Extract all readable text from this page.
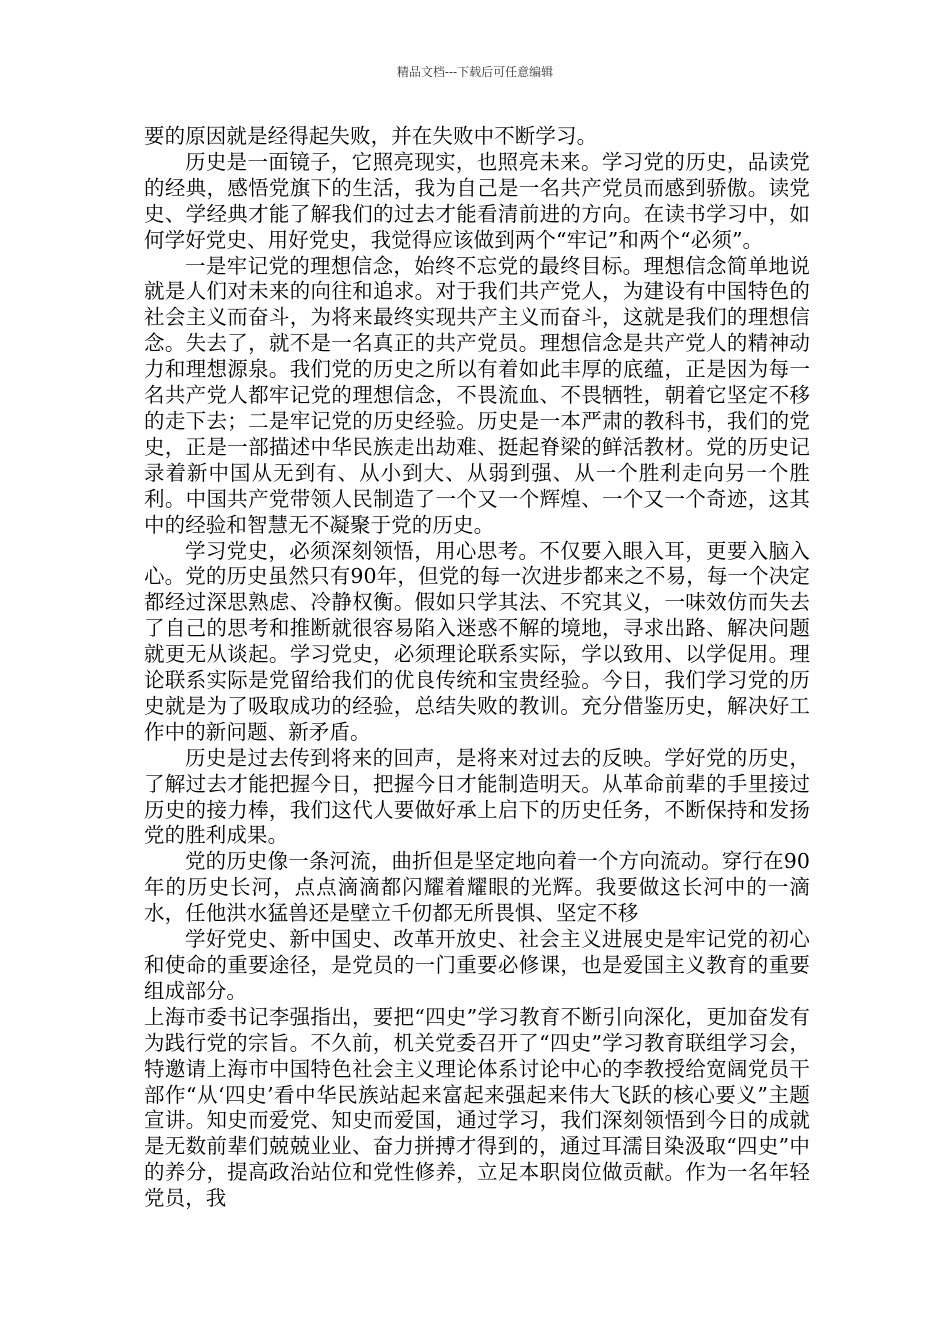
精品文档---下载后可任意编辑

要的原因就是经得起失败，并在失败中不断学习。

历史是一面镜子，它照亮现实，也照亮未来。学习党的历史，品读党的经典，感悟党旗下的生活，我为自己是一名共产党员而感到骄傲。读党史、学经典才能了解我们的过去才能看清前进的方向。在读书学习中，如何学好党史、用好党史，我觉得应该做到两个“牢记”和两个“必须”。

一是牢记党的理想信念，始终不忘党的最终目标。理想信念简单地说就是人们对未来的向往和追求。对于我们共产党人，为建设有中国特色的社会主义而奋斗，为将来最终实现共产主义而奋斗，这就是我们的理想信念。失去了，就不是一名真正的共产党员。理想信念是共产党人的精神动力和理想源泉。我们党的历史之所以有着如此丰厚的底蕴，正是因为每一名共产党人都牢记党的理想信念，不畏流血、不畏牺牲，朝着它坚定不移的走下去；二是牢记党的历史经验。历史是一本严肃的教科书，我们的党史，正是一部描述中华民族走出劫难、挺起脊梁的鲜活教材。党的历史记录着新中国从无到有、从小到大、从弱到强、从一个胜利走向另一个胜利。中国共产党带领人民制造了一个又一个辉煌、一个又一个奇迹，这其中的经验和智慧无不凝聚于党的历史。

学习党史，必须深刻领悟，用心思考。不仅要入眼入耳，更要入脑入心。党的历史虽然只有90年，但党的每一次进步都来之不易，每一个决定都经过深思熟虑、冷静权衡。假如只学其法、不究其义，一味效仿而失去了自己的思考和推断就很容易陷入迷惑不解的境地，寻求出路、解决问题就更无从谈起。学习党史，必须理论联系实际，学以致用、以学促用。理论联系实际是党留给我们的优良传统和宝贵经验。今日，我们学习党的历史就是为了吸取成功的经验，总结失败的教训。充分借鉴历史，解决好工作中的新问题、新矛盾。

历史是过去传到将来的回声，是将来对过去的反映。学好党的历史，了解过去才能把握今日，把握今日才能制造明天。从革命前辈的手里接过历史的接力棒，我们这代人要做好承上启下的历史任务，不断保持和发扬党的胜利成果。

党的历史像一条河流，曲折但是坚定地向着一个方向流动。穿行在90年的历史长河，点点滴滴都闪耀着耀眼的光辉。我要做这长河中的一滴水，任他洪水猛兽还是壁立千仞都无所畏惧、坚定不移

学好党史、新中国史、改革开放史、社会主义进展史是牢记党的初心和使命的重要途径，是党员的一门重要必修课，也是爱国主义教育的重要组成部分。

上海市委书记李强指出，要把“四史”学习教育不断引向深化，更加奋发有为践行党的宗旨。不久前，机关党委召开了“四史”学习教育联组学习会，特邀请上海市中国特色社会主义理论体系讨论中心的李教授给宽阔党员干部作“从‘四史’看中华民族站起来富起来强起来伟大飞跃的核心要义”主题宣讲。知史而爱党、知史而爱国，通过学习，我们深刻领悟到今日的成就是无数前辈们兢兢业业、奋力拼搏才得到的，通过耳濡目染汲取“四史”中的养分，提高政治站位和党性修养，立足本职岗位做贡献。作为一名年轻党员，我
